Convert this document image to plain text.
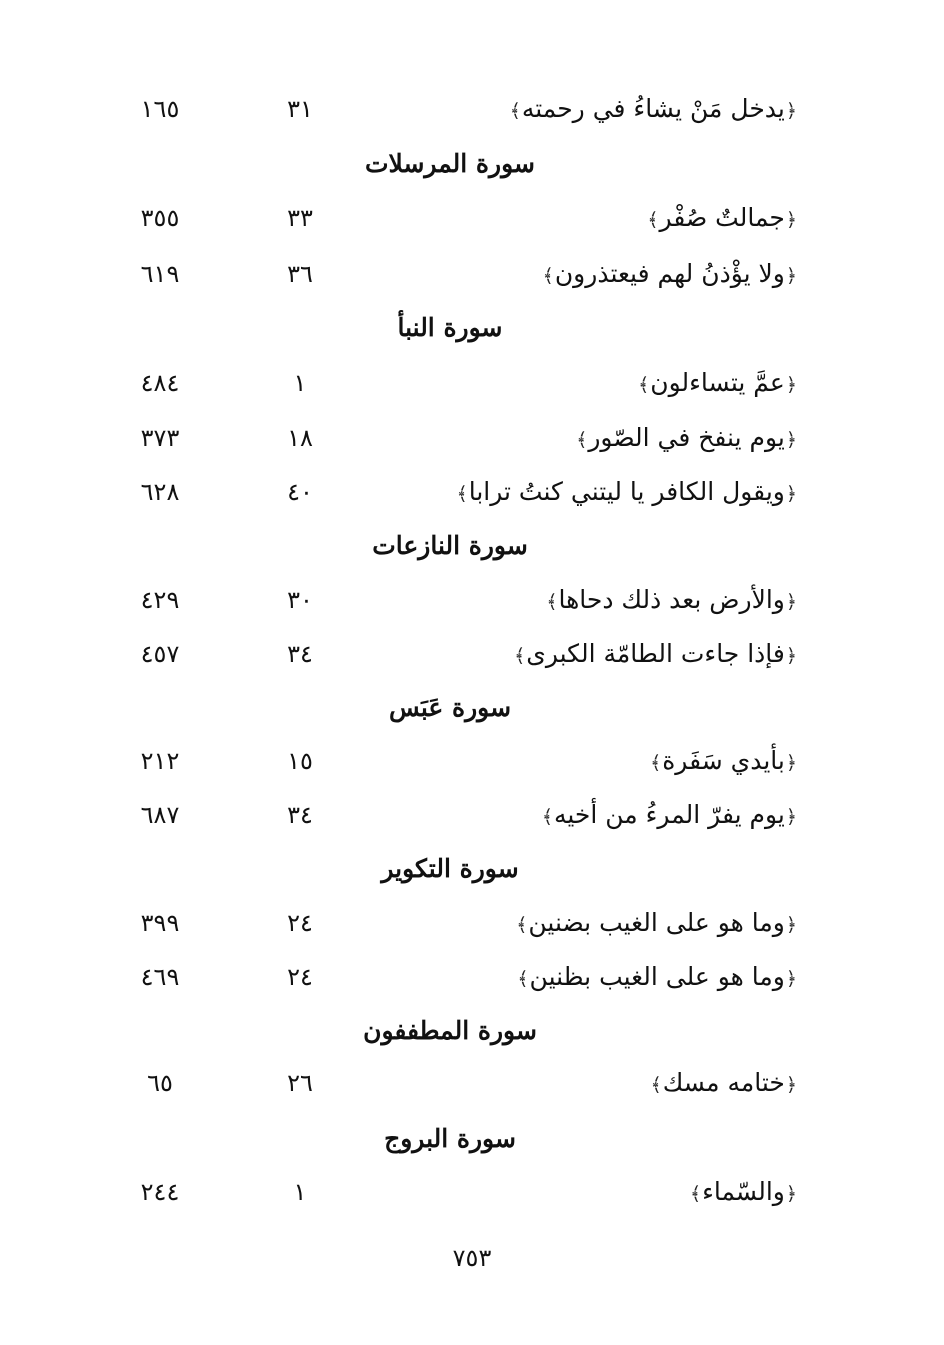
٧٥٣
﴿يدخل مَنْ يشاءُ في رحمته﴾
٣١
١٦٥
سورة المرسلات
﴿جمالتٌ صُفْر﴾
٣٣
٣٥٥
﴿ولا يؤْذنُ لهم فيعتذرون﴾
٣٦
٦١٩
سورة النبأ
﴿عمَّ يتساءلون﴾
١
٤٨٤
﴿يوم ينفخ في الصّور﴾
١٨
٣٧٣
﴿ويقول الكافر يا ليتني كنتُ ترابا﴾
٤٠
٦٢٨
سورة النازعات
﴿والأرض بعد ذلك دحاها﴾
٣٠
٤٢٩
﴿فإذا جاءت الطامّة الكبرى﴾
٣٤
٤٥٧
سورة عَبَس
﴿بأيدي سَفَرة﴾
١٥
٢١٢
﴿يوم يفرّ المرءُ من أخيه﴾
٣٤
٦٨٧
سورة التكوير
﴿وما هو على الغيب بضنين﴾
٢٤
٣٩٩
﴿وما هو على الغيب بظنين﴾
٢٤
٤٦٩
سورة المطففون
﴿ختامه مسك﴾
٢٦
٦٥
سورة البروج
﴿والسّماء﴾
١
٢٤٤
